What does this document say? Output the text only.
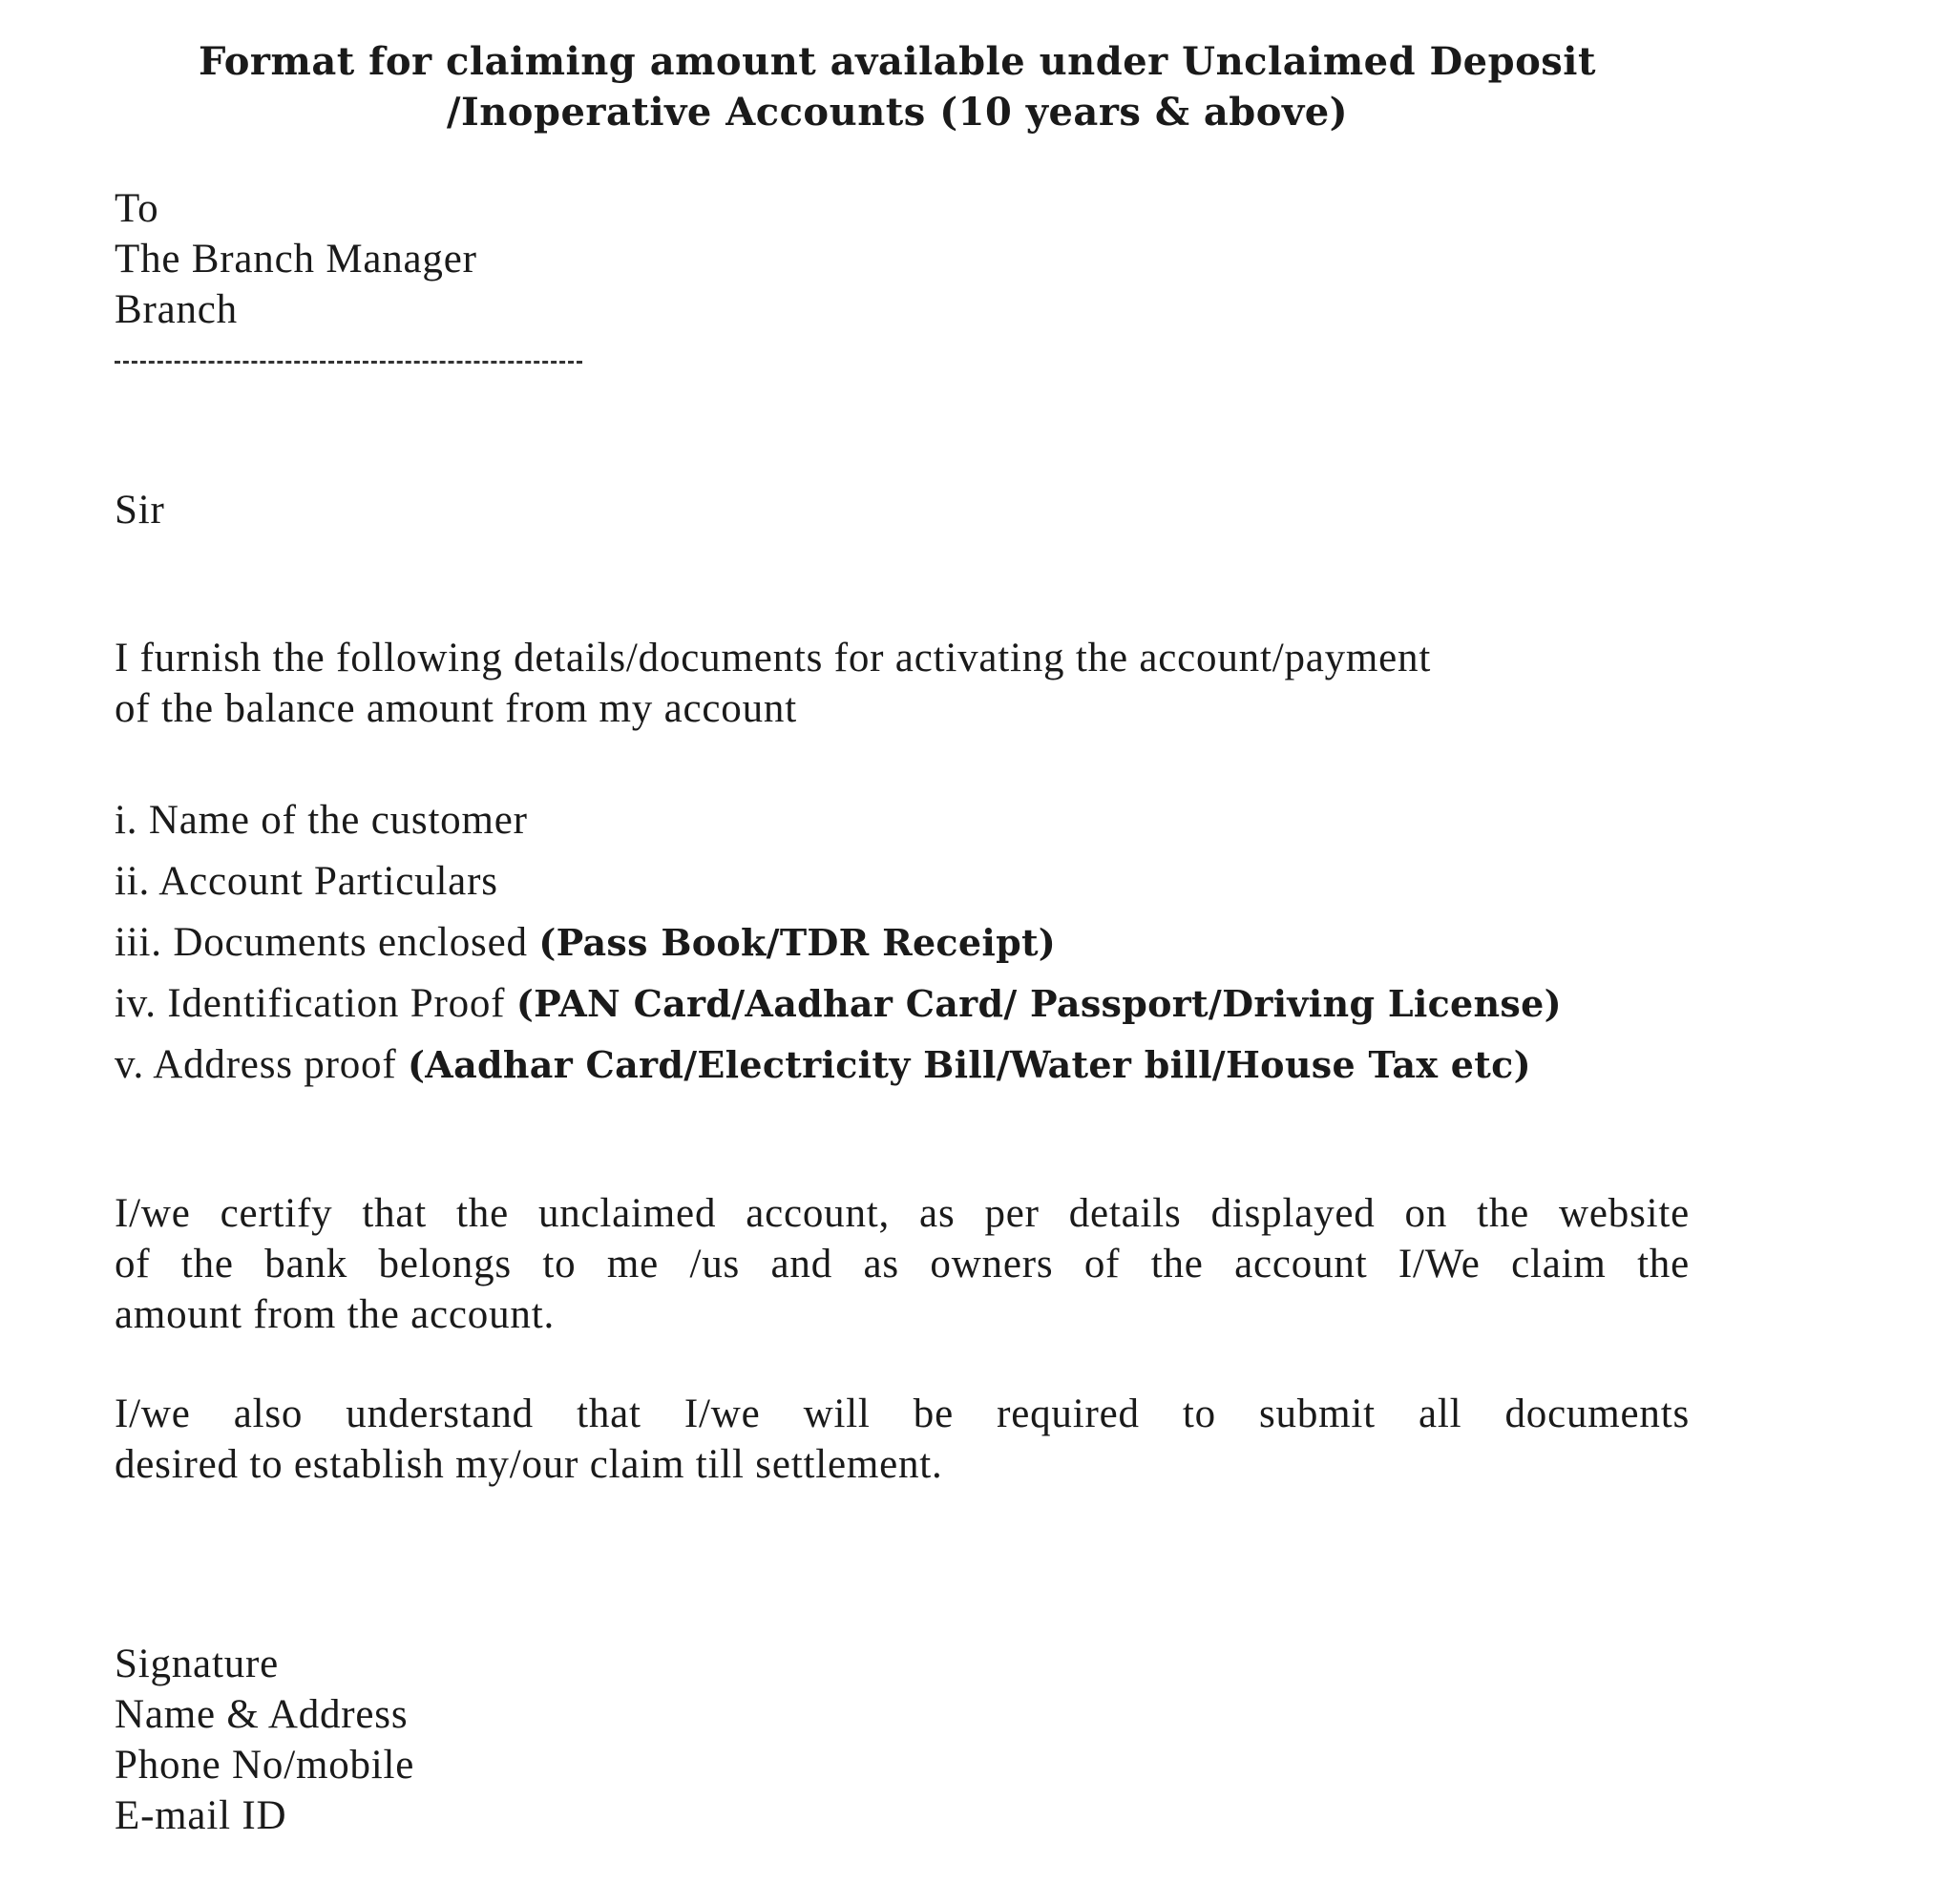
Format for claiming amount available under Unclaimed Deposit
/Inoperative Accounts (10 years & above)
To
The Branch Manager
Branch
Sir
I furnish the following details/documents for activating the account/payment
of the balance amount from my account
i. Name of the customer
ii. Account Particulars
iii. Documents enclosed (Pass Book/TDR Receipt)
iv. Identification Proof (PAN Card/Aadhar Card/ Passport/Driving License)
v. Address proof (Aadhar Card/Electricity Bill/Water bill/House Tax etc)
I/we certify that the unclaimed account, as per details displayed on the website
of the bank belongs to me /us and as owners of the account I/We claim the
amount from the account.
I/we also understand that I/we will be required to submit all documents
desired to establish my/our claim till settlement.
Signature
Name & Address
Phone No/mobile
E-mail ID
